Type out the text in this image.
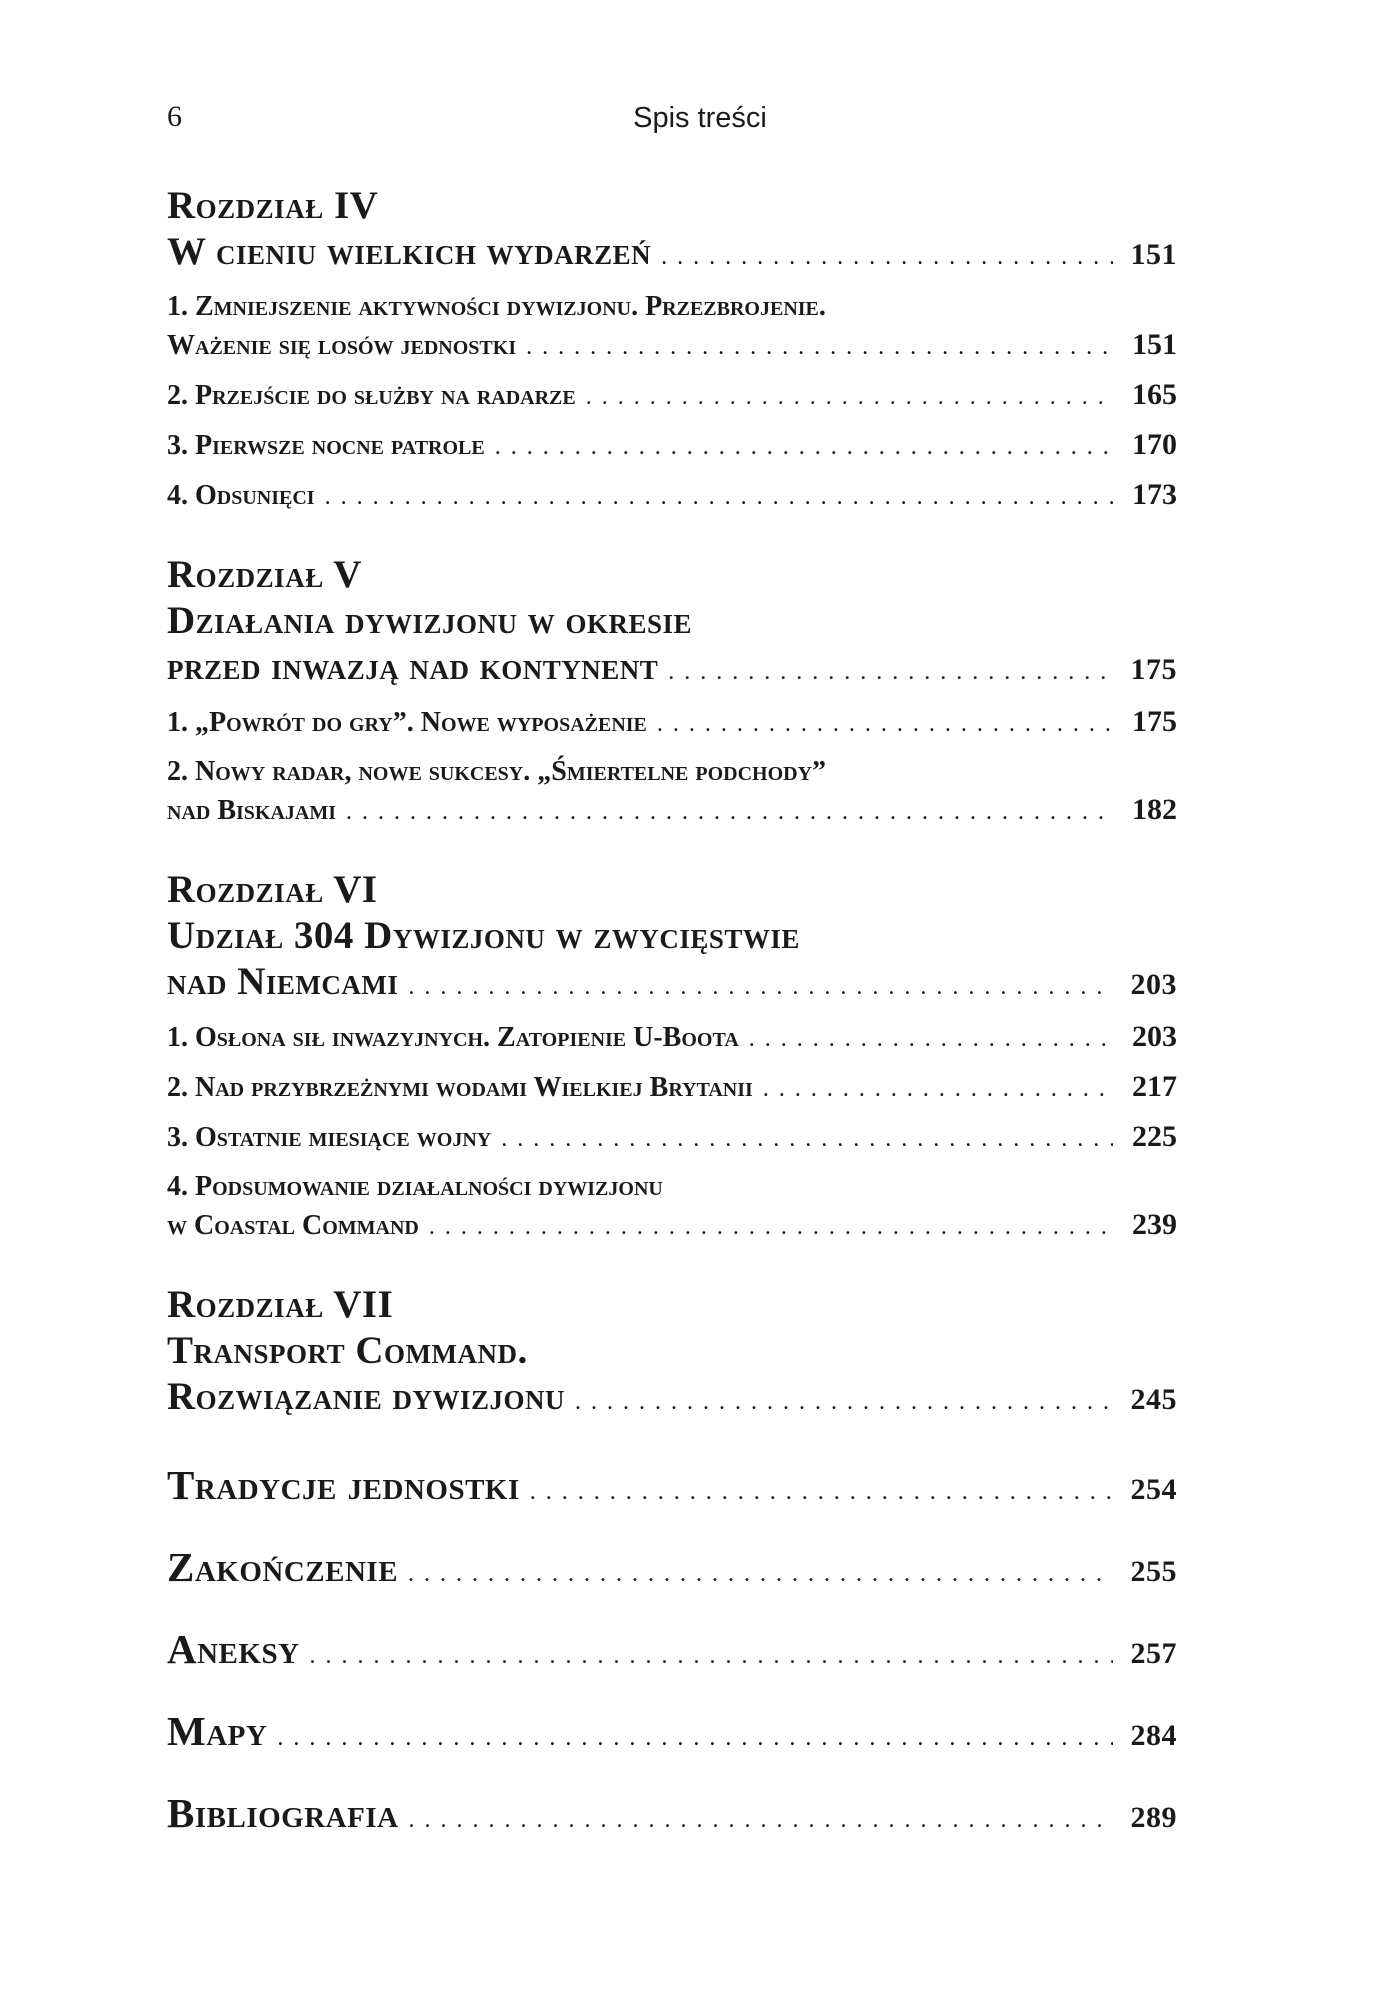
6	Spis treści
Rozdział IV
W cieniu wielkich wydarzeń . . .	151
1. Zmniejszenie aktywności dywizjonu. Przezbrojenie.
Ważenie się losów jednostki . . .	151
2. Przejście do służby na radarze . . .	165
3. Pierwsze nocne patrole . . .	170
4. Odsunięci . . .	173
Rozdział V
Działania dywizjonu w okresie
przed inwazją nad kontynent . . .	175
1. „Powrót do gry”. Nowe wyposażenie . . .	175
2. Nowy radar, nowe sukcesy. „Śmiertelne podchody”
nad Biskajami . . .	182
Rozdział VI
Udział 304 Dywizjonu w zwycięstwie
nad Niemcami . . .	203
1. Osłona sił inwazyjnych. Zatopienie U-Boota . . .	203
2. Nad przybrzeżnymi wodami Wielkiej Brytanii . . .	217
3. Ostatnie miesiące wojny . . .	225
4. Podsumowanie działalności dywizjonu
w Coastal Command . . .	239
Rozdział VII
Transport Command.
Rozwiązanie dywizjonu . . .	245
Tradycje jednostki . . .	254
Zakończenie . . .	255
Aneksy . . .	257
Mapy . . .	284
Bibliografia . . .	289
